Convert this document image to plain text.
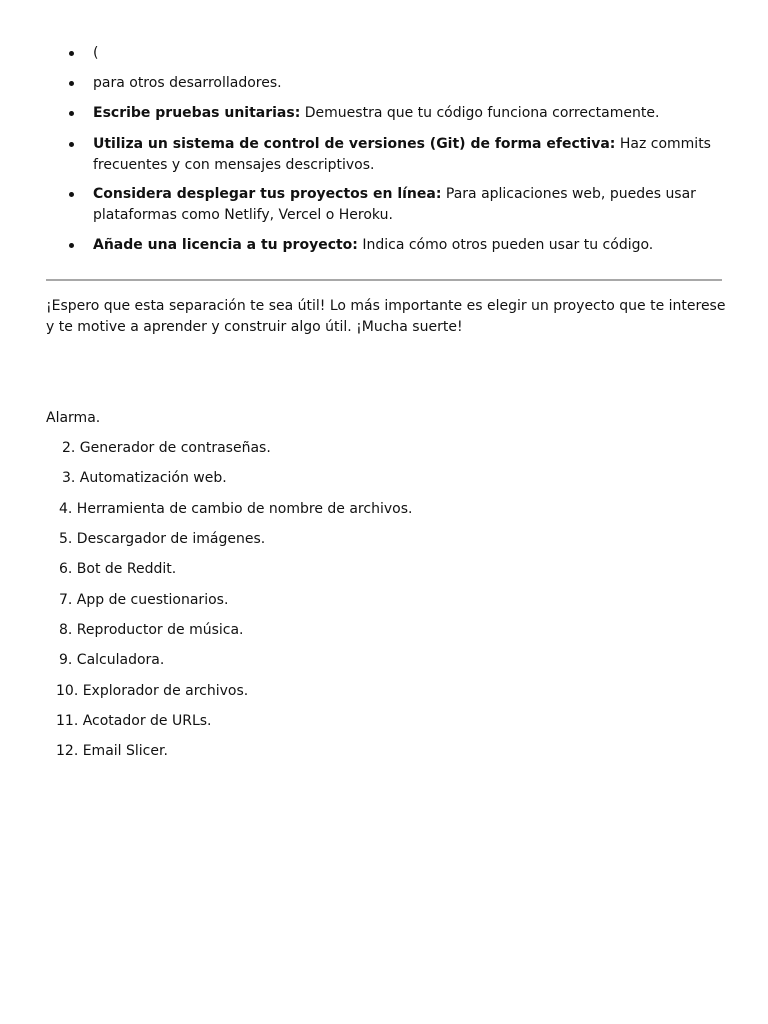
(
para otros desarrolladores.
Escribe pruebas unitarias: Demuestra que tu código funciona correctamente.
Utiliza un sistema de control de versiones (Git) de forma efectiva: Haz commits frecuentes y con mensajes descriptivos.
Considera desplegar tus proyectos en línea: Para aplicaciones web, puedes usar plataformas como Netlify, Vercel o Heroku.
Añade una licencia a tu proyecto: Indica cómo otros pueden usar tu código.

¡Espero que esta separación te sea útil! Lo más importante es elegir un proyecto que te interese y te motive a aprender y construir algo útil. ¡Mucha suerte!

Alarma.

2. Generador de contraseñas.
3. Automatización web.
4. Herramienta de cambio de nombre de archivos.
5. Descargador de imágenes.
6. Bot de Reddit.
7. App de cuestionarios.
8. Reproductor de música.
9. Calculadora.
10. Explorador de archivos.
11. Acotador de URLs.
12. Email Slicer.
